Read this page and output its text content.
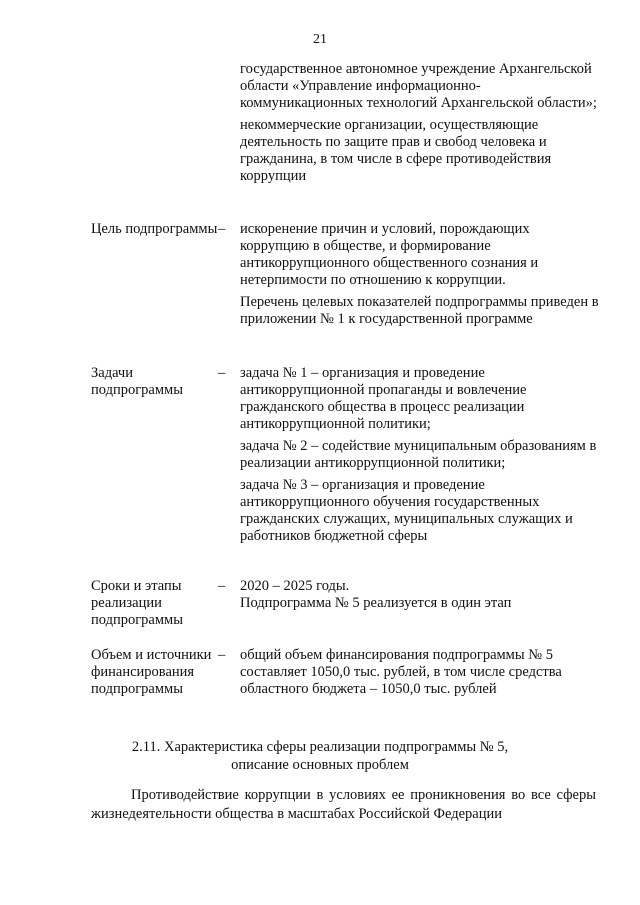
21

государственное автономное учреждение Архангельской области «Управление информационно-коммуникационных технологий Архангельской области»;

некоммерческие организации, осуществляющие деятельность по защите прав и свобод человека и гражданина, в том числе в сфере противодействия коррупции

Цель подпрограммы – искоренение причин и условий, порождающих коррупцию в обществе, и формирование антикоррупционного общественного сознания и нетерпимости по отношению к коррупции.

Перечень целевых показателей подпрограммы приведен в приложении № 1 к государственной программе

Задачи подпрограммы
– задача № 1 – организация и проведение антикоррупционной пропаганды и вовлечение гражданского общества в процесс реализации антикоррупционной политики;

задача № 2 – содействие муниципальным образованиям в реализации антикоррупционной политики;

задача № 3 – организация и проведение антикоррупционного обучения государственных гражданских служащих, муниципальных служащих и работников бюджетной сферы

Сроки и этапы реализации подпрограммы
– 2020 – 2025 годы.

Подпрограмма № 5 реализуется в один этап

Объем и источники финансирования подпрограммы
– общий объем финансирования подпрограммы № 5 составляет 1050,0 тыс. рублей, в том числе средства областного бюджета – 1050,0 тыс. рублей

2.11. Характеристика сферы реализации подпрограммы № 5,
описание основных проблем

Противодействие коррупции в условиях ее проникновения во все сферы жизнедеятельности общества в масштабах Российской Федерации
